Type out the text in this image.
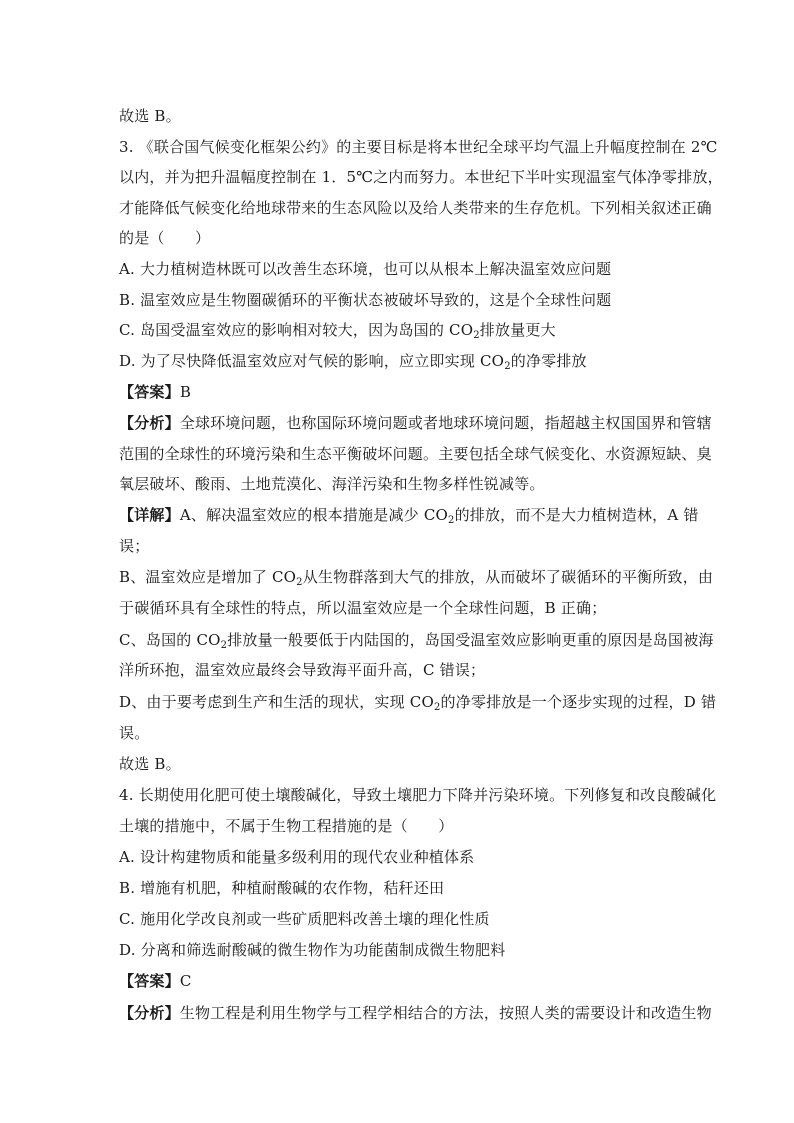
故选 B。
3. 《联合国气候变化框架公约》的主要目标是将本世纪全球平均气温上升幅度控制在 2℃
以内，并为把升温幅度控制在 1．5℃之内而努力。本世纪下半叶实现温室气体净零排放，
才能降低气候变化给地球带来的生态风险以及给人类带来的生存危机。下列相关叙述正确
的是（　　）
A. 大力植树造林既可以改善生态环境，也可以从根本上解决温室效应问题
B. 温室效应是生物圈碳循环的平衡状态被破坏导致的，这是个全球性问题
C. 岛国受温室效应的影响相对较大，因为岛国的 $CO_2$排放量更大
D. 为了尽快降低温室效应对气候的影响，应立即实现 $CO_2$的净零排放
【答案】B
【分析】全球环境问题，也称国际环境问题或者地球环境问题，指超越主权国国界和管辖
范围的全球性的环境污染和生态平衡破坏问题。主要包括全球气候变化、水资源短缺、臭
氧层破坏、酸雨、土地荒漠化、海洋污染和生物多样性锐减等。
【详解】A、解决温室效应的根本措施是减少 $CO_2$的排放，而不是大力植树造林，A 错
误；
B、温室效应是增加了 $CO_2$从生物群落到大气的排放，从而破坏了碳循环的平衡所致，由
于碳循环具有全球性的特点，所以温室效应是一个全球性问题，B 正确；
C、岛国的 $CO_2$排放量一般要低于内陆国的，岛国受温室效应影响更重的原因是岛国被海
洋所环抱，温室效应最终会导致海平面升高，C 错误；
D、由于要考虑到生产和生活的现状，实现 $CO_2$的净零排放是一个逐步实现的过程，D 错
误。
故选 B。
4. 长期使用化肥可使土壤酸碱化，导致土壤肥力下降并污染环境。下列修复和改良酸碱化
土壤的措施中，不属于生物工程措施的是（　　）
A. 设计构建物质和能量多级利用的现代农业种植体系
B. 增施有机肥，种植耐酸碱的农作物，秸秆还田
C. 施用化学改良剂或一些矿质肥料改善土壤的理化性质
D. 分离和筛选耐酸碱的微生物作为功能菌制成微生物肥料
【答案】C
【分析】生物工程是利用生物学与工程学相结合的方法，按照人类的需要设计和改造生物
